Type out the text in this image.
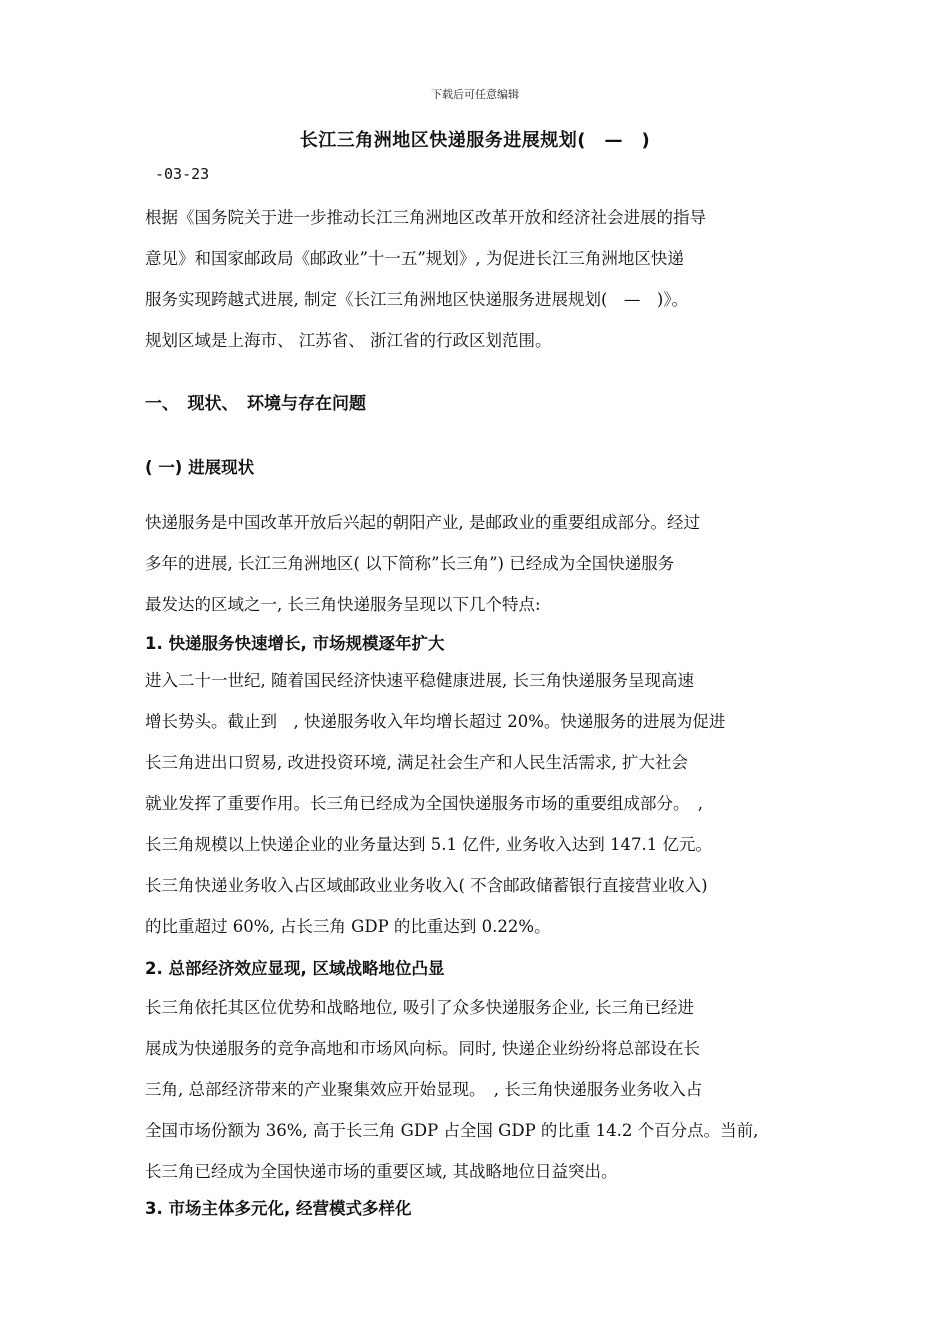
下载后可任意编辑
长江三角洲地区快递服务进展规划(　—　)
-03-23
根据《国务院关于进一步推动长江三角洲地区改革开放和经济社会进展的指导
意见》和国家邮政局《邮政业”十一五”规划》, 为促进长江三角洲地区快递
服务实现跨越式进展, 制定《长江三角洲地区快递服务进展规划(　—　)》。
规划区域是上海市、 江苏省、 浙江省的行政区划范围。
一、　现状、　环境与存在问题
( 一) 进展现状
快递服务是中国改革开放后兴起的朝阳产业, 是邮政业的重要组成部分。经过
多年的进展, 长江三角洲地区( 以下简称”长三角”) 已经成为全国快递服务
最发达的区域之一, 长三角快递服务呈现以下几个特点:
1. 快递服务快速增长, 市场规模逐年扩大
进入二十一世纪, 随着国民经济快速平稳健康进展, 长三角快递服务呈现高速
增长势头。截止到　, 快递服务收入年均增长超过 20%。快递服务的进展为促进
长三角进出口贸易, 改进投资环境, 满足社会生产和人民生活需求, 扩大社会
就业发挥了重要作用。长三角已经成为全国快递服务市场的重要组成部分。　,
长三角规模以上快递企业的业务量达到 5.1 亿件, 业务收入达到 147.1 亿元。
长三角快递业务收入占区域邮政业业务收入( 不含邮政储蓄银行直接营业收入)
的比重超过 60%, 占长三角 GDP 的比重达到 0.22%。
2. 总部经济效应显现, 区域战略地位凸显
长三角依托其区位优势和战略地位, 吸引了众多快递服务企业, 长三角已经进
展成为快递服务的竞争高地和市场风向标。同时, 快递企业纷纷将总部设在长
三角, 总部经济带来的产业聚集效应开始显现。　, 长三角快递服务业务收入占
全国市场份额为 36%, 高于长三角 GDP 占全国 GDP 的比重 14.2 个百分点。当前,
长三角已经成为全国快递市场的重要区域, 其战略地位日益突出。
3. 市场主体多元化, 经营模式多样化
